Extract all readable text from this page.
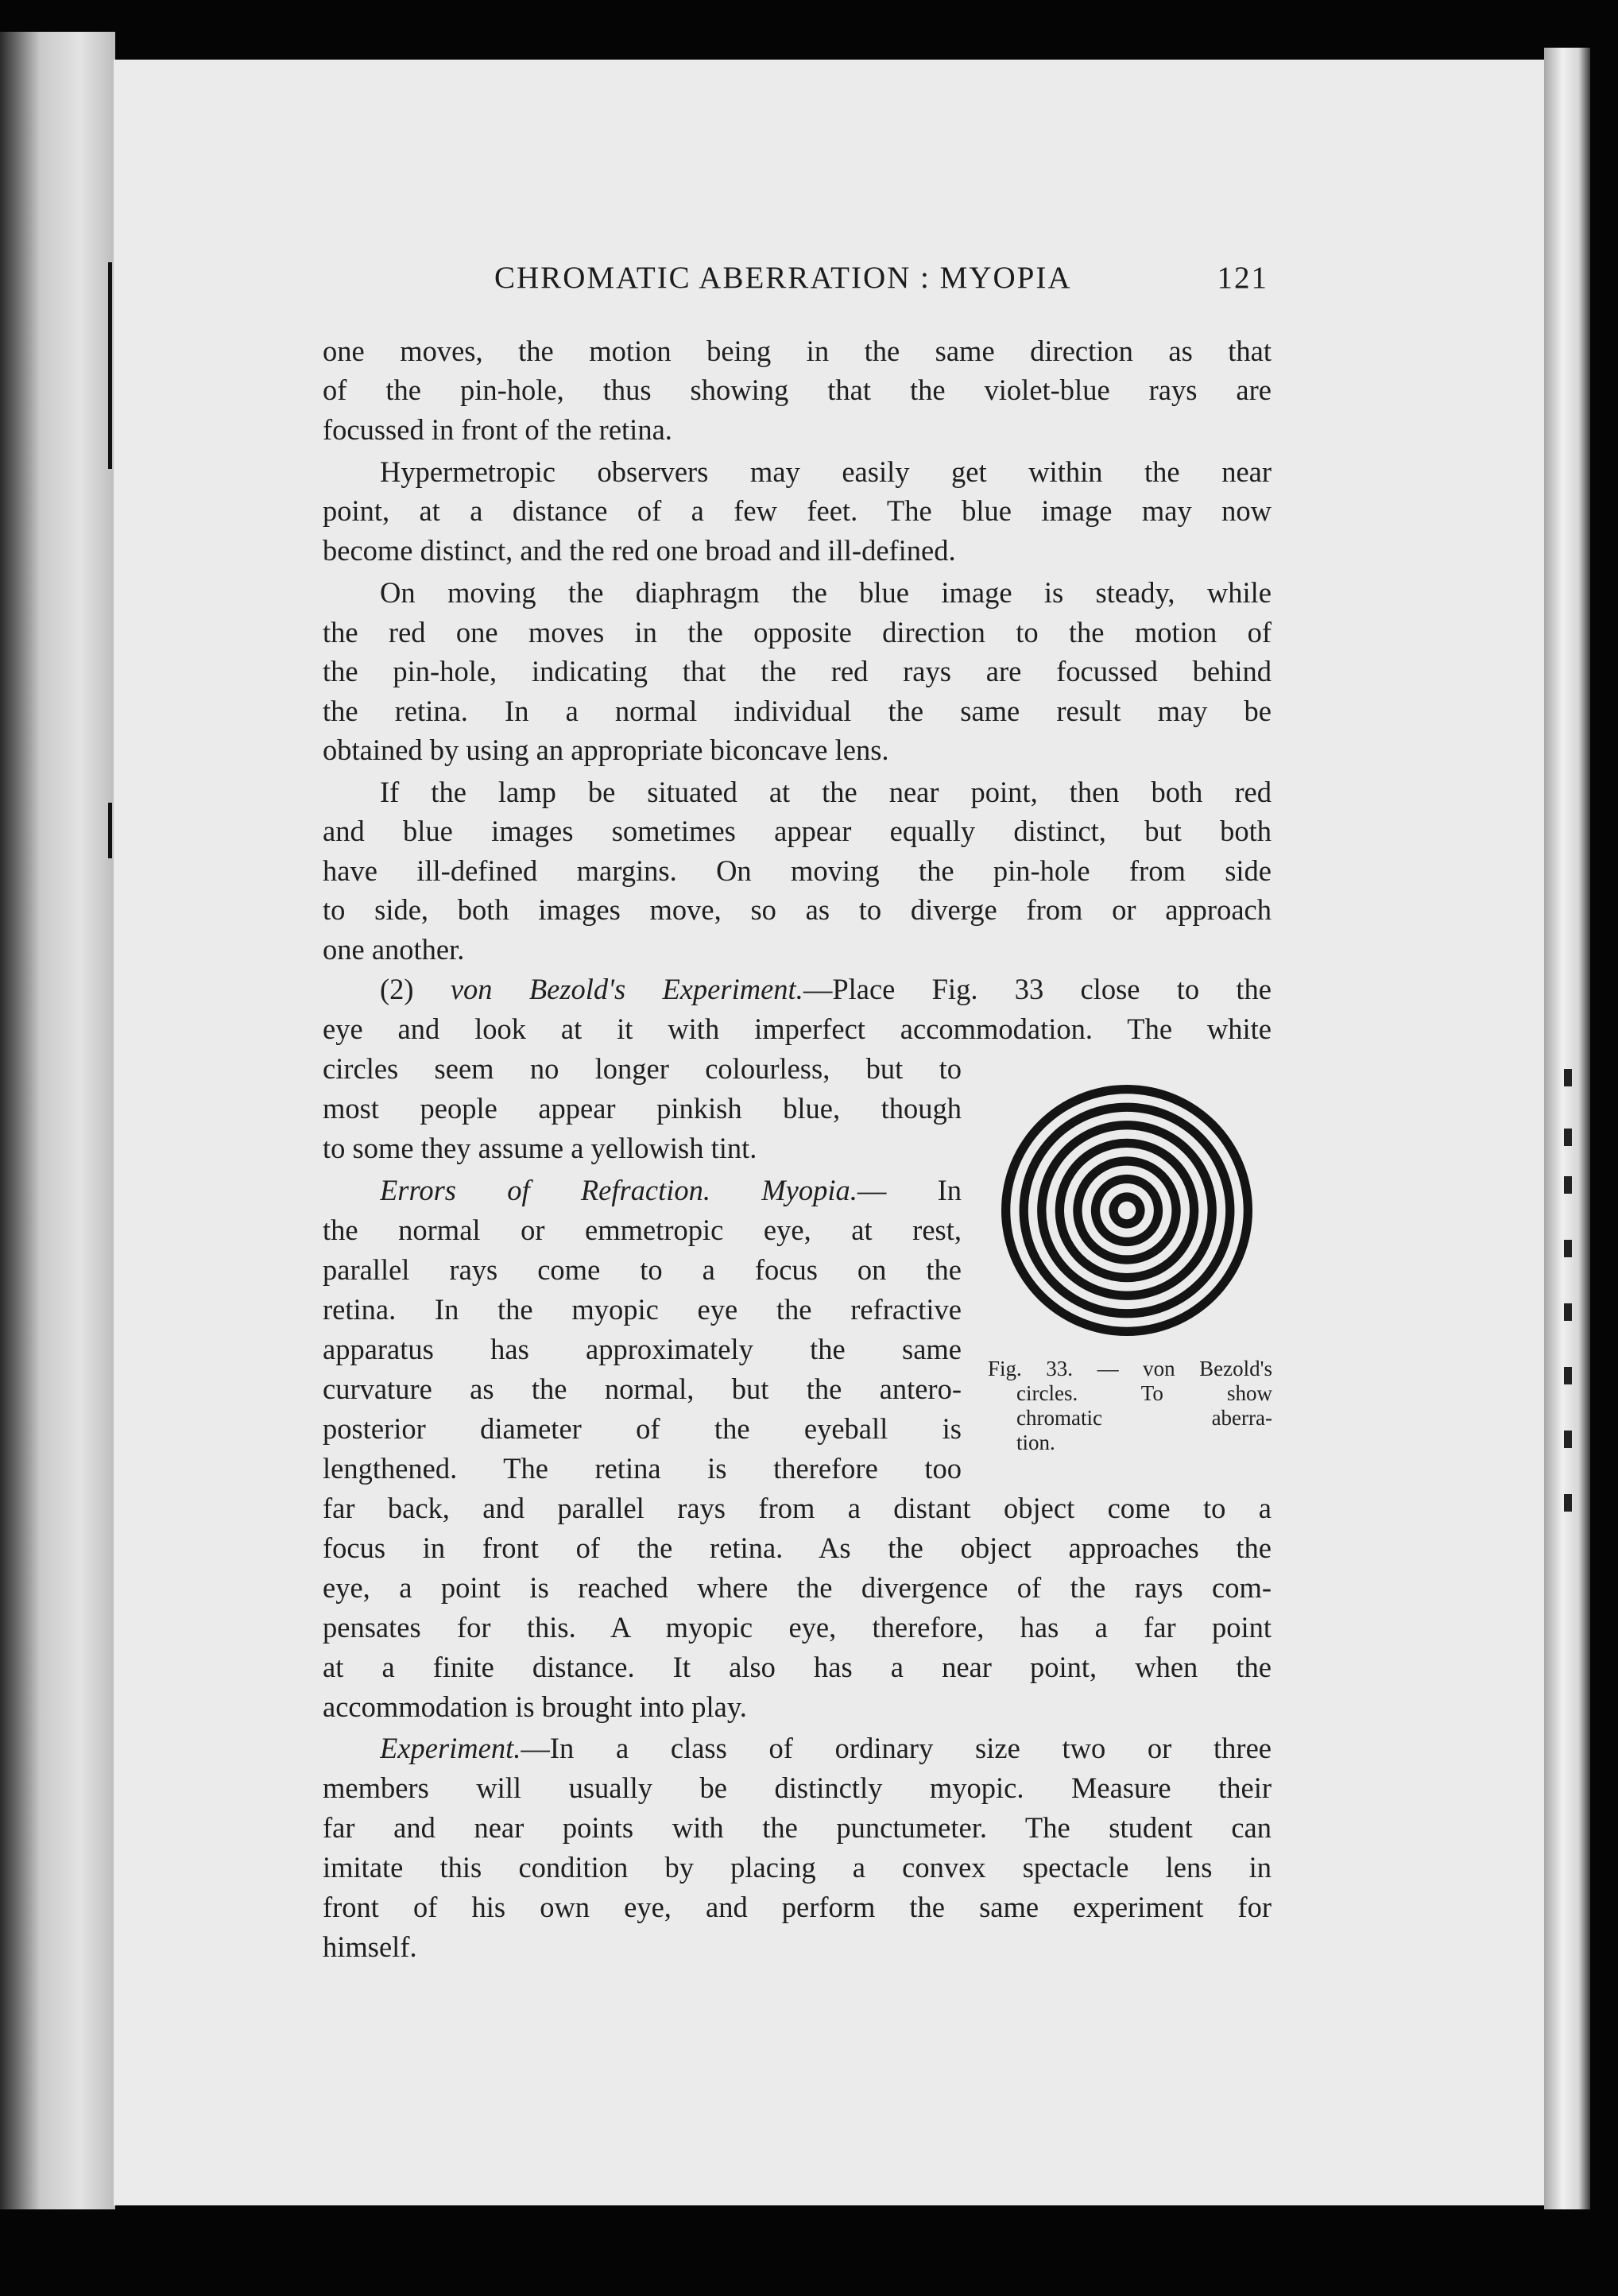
CHROMATIC ABERRATION : MYOPIA	121
one moves, the motion being in the same direction as that
of the pin-hole, thus showing that the violet-blue rays are
focussed in front of the retina.
Hypermetropic observers may easily get within the near
point, at a distance of a few feet. The blue image may now
become distinct, and the red one broad and ill-defined.
On moving the diaphragm the blue image is steady, while
the red one moves in the opposite direction to the motion of
the pin-hole, indicating that the red rays are focussed behind
the retina. In a normal individual the same result may be
obtained by using an appropriate biconcave lens.
If the lamp be situated at the near point, then both red
and blue images sometimes appear equally distinct, but both
have ill-defined margins. On moving the pin-hole from side
to side, both images move, so as to diverge from or approach
one another.
(2) von Bezold's Experiment.—Place Fig. 33 close to the
eye and look at it with imperfect accommodation. The white
circles seem no longer colourless, but to
most people appear pinkish blue, though
to some they assume a yellowish tint.
Errors of Refraction. Myopia.— In
the normal or emmetropic eye, at rest,
parallel rays come to a focus on the
retina. In the myopic eye the refractive
apparatus has approximately the same
curvature as the normal, but the antero-
posterior diameter of the eyeball is
lengthened. The retina is therefore too
far back, and parallel rays from a distant object come to a
focus in front of the retina. As the object approaches the
eye, a point is reached where the divergence of the rays com-
pensates for this. A myopic eye, therefore, has a far point
at a finite distance. It also has a near point, when the
accommodation is brought into play.
Experiment.—In a class of ordinary size two or three
members will usually be distinctly myopic. Measure their
far and near points with the punctumeter. The student can
imitate this condition by placing a convex spectacle lens in
front of his own eye, and perform the same experiment for
himself.
Fig. 33. — von Bezold's
circles. To show
chromatic aberra-
tion.
